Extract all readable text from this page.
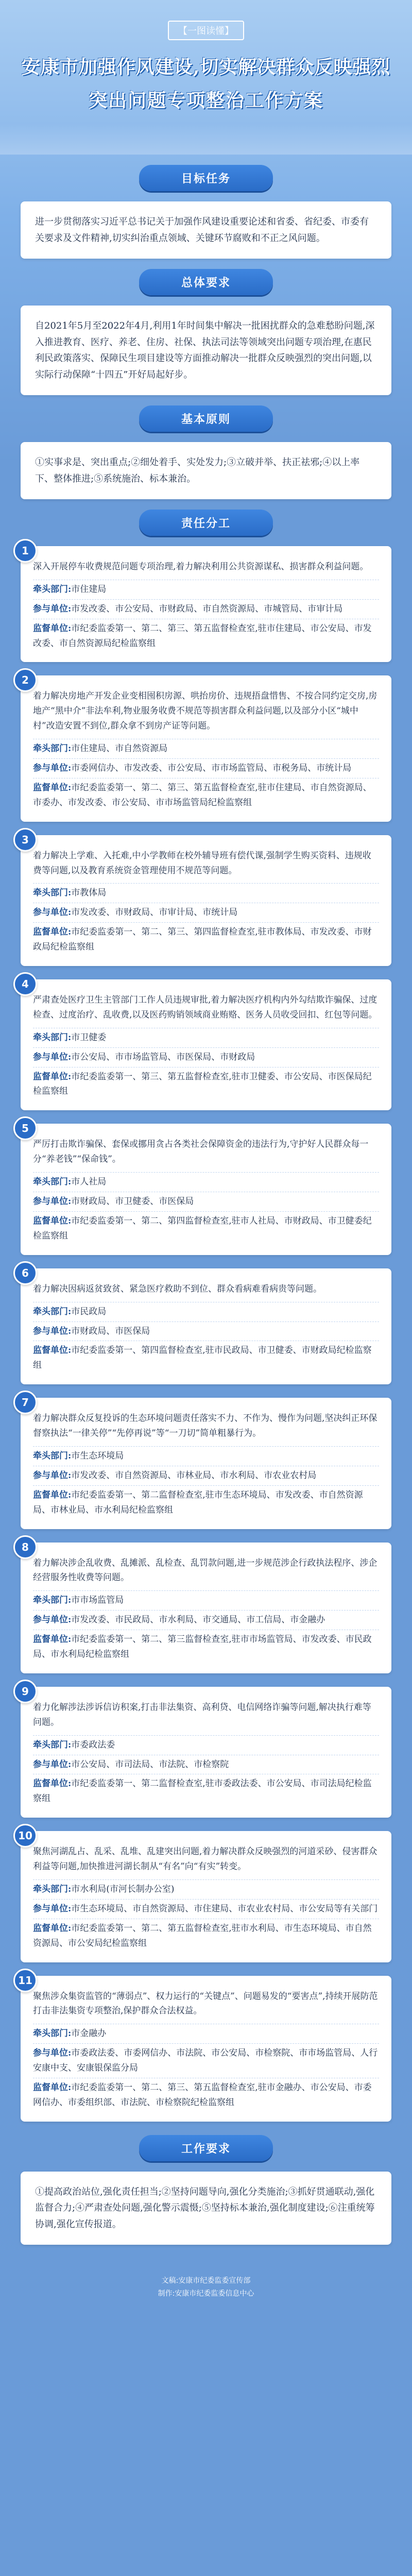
【一图读懂】
安康市加强作风建设,切实解决群众反映强烈
突出问题专项整治工作方案
目标任务

进一步贯彻落实习近平总书记关于加强作风建设重要论述和省委、省纪委、市委有关要求及文件精神,切实纠治重点领域、关键环节腐败和不正之风问题。

总体要求

自2021年5月至2022年4月,利用1年时间集中解决一批困扰群众的急难愁盼问题,深入推进教育、医疗、养老、住房、社保、执法司法等领域突出问题专项治理,在惠民利民政策落实、保障民生项目建设等方面推动解决一批群众反映强烈的突出问题,以实际行动保障“十四五”开好局起好步。

基本原则

①实事求是、突出重点;②细处着手、实处发力;③立破并举、扶正祛邪;④以上率下、整体推进;⑤系统施治、标本兼治。

责任分工
1
深入开展停车收费规范问题专项治理,着力解决利用公共资源谋私、损害群众利益问题。
牵头部门:市住建局
参与单位:市发改委、市公安局、市财政局、市自然资源局、市城管局、市审计局
监督单位:市纪委监委第一、第二、第三、第五监督检查室,驻市住建局、市公安局、市发改委、市自然资源局纪检监察组
2
着力解决房地产开发企业变相囤积房源、哄抬房价、违规捂盘惜售、不按合同约定交房,房地产“黑中介”非法牟利,物业服务收费不规范等损害群众利益问题,以及部分小区“城中村”改造安置不到位,群众拿不到房产证等问题。
牵头部门:市住建局、市自然资源局
参与单位:市委网信办、市发改委、市公安局、市市场监管局、市税务局、市统计局
监督单位:市纪委监委第一、第二、第三、第五监督检查室,驻市住建局、市自然资源局、市委办、市发改委、市公安局、市市场监管局纪检监察组
3
着力解决上学难、入托难,中小学教师在校外辅导班有偿代课,强制学生购买资料、违规收费等问题,以及教育系统资金管理使用不规范等问题。
牵头部门:市教体局
参与单位:市发改委、市财政局、市审计局、市统计局
监督单位:市纪委监委第一、第二、第三、第四监督检查室,驻市教体局、市发改委、市财政局纪检监察组
4
严肃查处医疗卫生主管部门工作人员违规审批,着力解决医疗机构内外勾结欺诈骗保、过度检查、过度治疗、乱收费,以及医药购销领域商业贿赂、医务人员收受回扣、红包等问题。
牵头部门:市卫健委
参与单位:市公安局、市市场监管局、市医保局、市财政局
监督单位:市纪委监委第一、第三、第五监督检查室,驻市卫健委、市公安局、市医保局纪检监察组
5
严厉打击欺诈骗保、套保或挪用贪占各类社会保障资金的违法行为,守护好人民群众每一分“养老钱”“保命钱”。
牵头部门:市人社局
参与单位:市财政局、市卫健委、市医保局
监督单位:市纪委监委第一、第二、第四监督检查室,驻市人社局、市财政局、市卫健委纪检监察组
6
着力解决因病返贫致贫、紧急医疗救助不到位、群众看病难看病贵等问题。
牵头部门:市民政局
参与单位:市财政局、市医保局
监督单位:市纪委监委第一、第四监督检查室,驻市民政局、市卫健委、市财政局纪检监察组
7
着力解决群众反复投诉的生态环境问题责任落实不力、不作为、慢作为问题,坚决纠正环保督察执法“一律关停”“先停再说”等“一刀切”简单粗暴行为。
牵头部门:市生态环境局
参与单位:市发改委、市自然资源局、市林业局、市水利局、市农业农村局
监督单位:市纪委监委第一、第二监督检查室,驻市生态环境局、市发改委、市自然资源局、市林业局、市水利局纪检监察组
8
着力解决涉企乱收费、乱摊派、乱检查、乱罚款问题,进一步规范涉企行政执法程序、涉企经营服务性收费等问题。
牵头部门:市市场监管局
参与单位:市发改委、市民政局、市水利局、市交通局、市工信局、市金融办
监督单位:市纪委监委第一、第二、第三监督检查室,驻市市场监管局、市发改委、市民政局、市水利局纪检监察组
9
着力化解涉法涉诉信访积案,打击非法集资、高利贷、电信网络诈骗等问题,解决执行难等问题。
牵头部门:市委政法委
参与单位:市公安局、市司法局、市法院、市检察院
监督单位:市纪委监委第一、第二监督检查室,驻市委政法委、市公安局、市司法局纪检监察组
10
聚焦河湖乱占、乱采、乱堆、乱建突出问题,着力解决群众反映强烈的河道采砂、侵害群众利益等问题,加快推进河湖长制从“有名”向“有实”转变。
牵头部门:市水利局(市河长制办公室)
参与单位:市生态环境局、市自然资源局、市住建局、市农业农村局、市公安局等有关部门
监督单位:市纪委监委第一、第二、第五监督检查室,驻市水利局、市生态环境局、市自然资源局、市公安局纪检监察组
11
聚焦涉众集资监管的“薄弱点”、权力运行的“关键点”、问题易发的“要害点”,持续开展防范打击非法集资专项整治,保护群众合法权益。
牵头部门:市金融办
参与单位:市委政法委、市委网信办、市法院、市公安局、市检察院、市市场监管局、人行安康中支、安康银保监分局
监督单位:市纪委监委第一、第二、第三、第五监督检查室,驻市金融办、市公安局、市委网信办、市委组织部、市法院、市检察院纪检监察组
工作要求

①提高政治站位,强化责任担当;②坚持问题导向,强化分类施治;③抓好贯通联动,强化监督合力;④严肃查处问题,强化警示震慑;⑤坚持标本兼治,强化制度建设;⑥注重统筹协调,强化宣传报道。

文稿:安康市纪委监委宣传部
制作:安康市纪委监委信息中心
